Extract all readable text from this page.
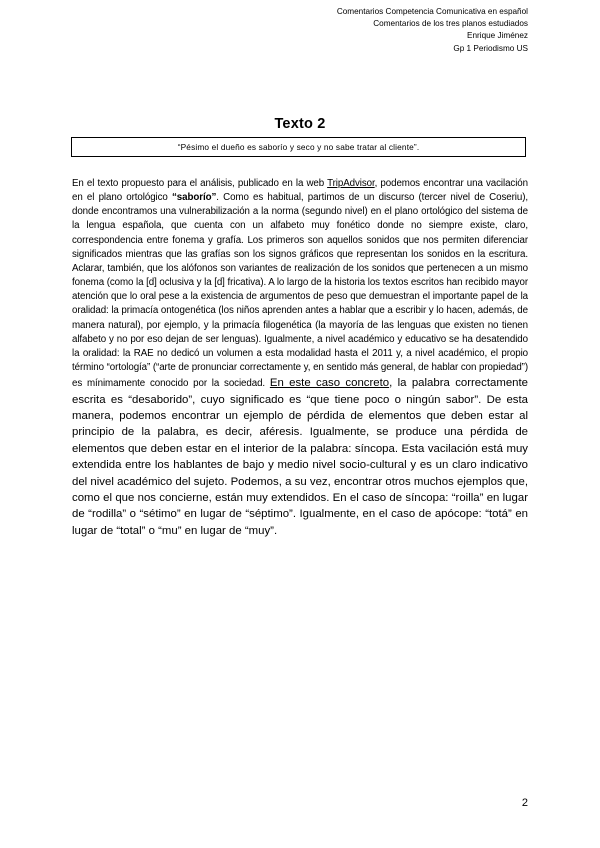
Comentarios Competencia Comunicativa en español
Comentarios de los tres planos estudiados
Enrique Jiménez
Gp 1 Periodismo US
Texto 2
“Pésimo el dueño es saborío y seco y no sabe tratar al cliente”.
En el texto propuesto para el análisis, publicado en la web TripAdvisor, podemos encontrar una vacilación en el plano ortológico “saborío”. Como es habitual, partimos de un discurso (tercer nivel de Coseriu), donde encontramos una vulnerabilización a la norma (segundo nivel) en el plano ortológico del sistema de la lengua española, que cuenta con un alfabeto muy fonético donde no siempre existe, claro, correspondencia entre fonema y grafía. Los primeros son aquellos sonidos que nos permiten diferenciar significados mientras que las grafías son los signos gráficos que representan los sonidos en la escritura. Aclarar, también, que los alófonos son variantes de realización de los sonidos que pertenecen a un mismo fonema (como la [d] oclusiva y la [d] fricativa). A lo largo de la historia los textos escritos han recibido mayor atención que lo oral pese a la existencia de argumentos de peso que demuestran el importante papel de la oralidad: la primacía ontogenética (los niños aprenden antes a hablar que a escribir y lo hacen, además, de manera natural), por ejemplo, y la primacía filogenética (la mayoría de las lenguas que existen no tienen alfabeto y no por eso dejan de ser lenguas). Igualmente, a nivel académico y educativo se ha desatendido la oralidad: la RAE no dedicó un volumen a esta modalidad hasta el 2011 y, a nivel académico, el propio término “ortología” (“arte de pronunciar correctamente y, en sentido más general, de hablar con propiedad”) es mínimamente conocido por la sociedad. En este caso concreto, la palabra correctamente escrita es “desaborido”, cuyo significado es “que tiene poco o ningún sabor”. De esta manera, podemos encontrar un ejemplo de pérdida de elementos que deben estar al principio de la palabra, es decir, aféresis. Igualmente, se produce una pérdida de elementos que deben estar en el interior de la palabra: síncopa. Esta vacilación está muy extendida entre los hablantes de bajo y medio nivel socio-cultural y es un claro indicativo del nivel académico del sujeto. Podemos, a su vez, encontrar otros muchos ejemplos que, como el que nos concierne, están muy extendidos. En el caso de síncopa: “roilla” en lugar de “rodilla” o “sétimo” en lugar de “séptimo”. Igualmente, en el caso de apócope: “totá” en lugar de “total” o “mu” en lugar de “muy”.
2
